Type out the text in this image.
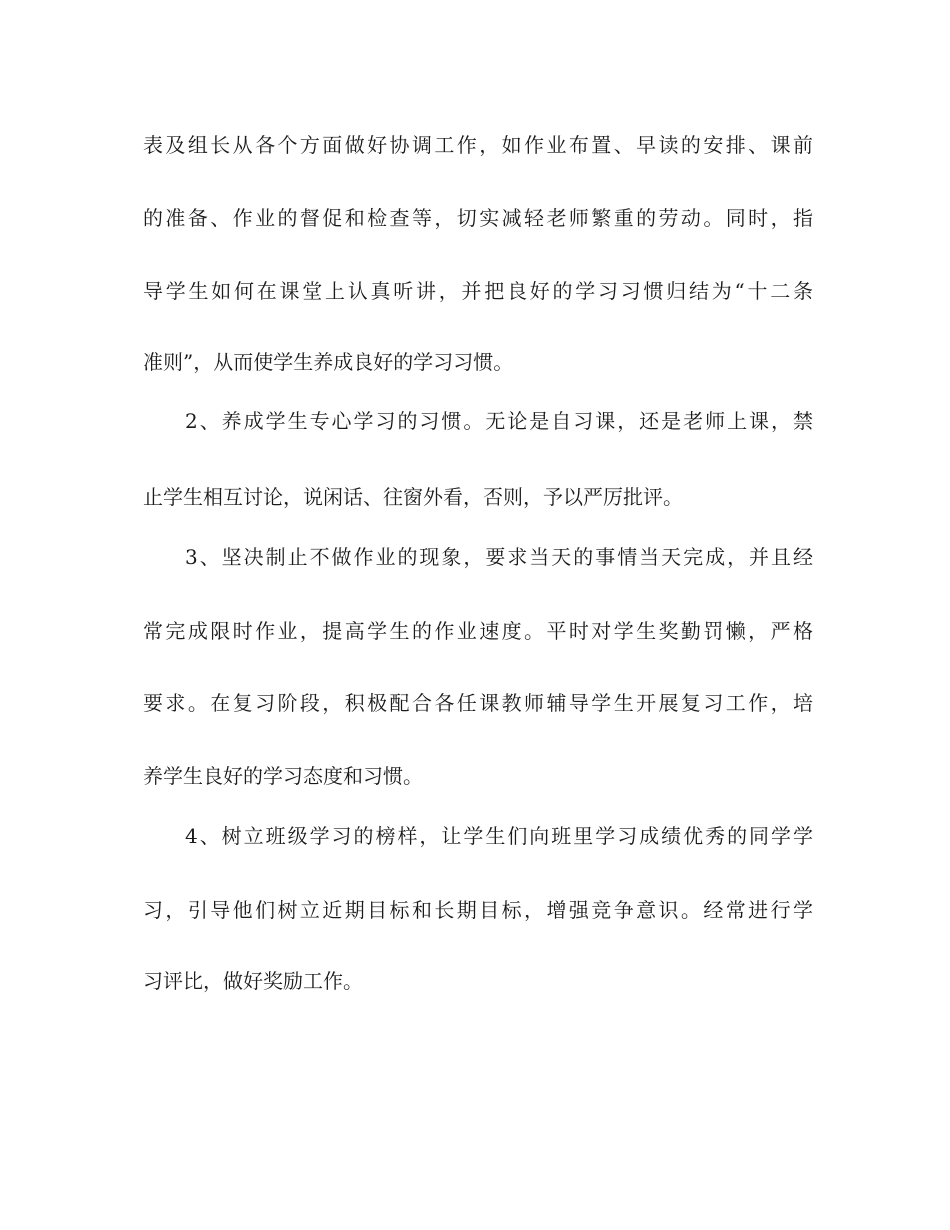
表及组长从各个方面做好协调工作，如作业布置、早读的安排、课前
的准备、作业的督促和检查等，切实减轻老师繁重的劳动。同时，指
导学生如何在课堂上认真听讲，并把良好的学习习惯归结为“十二条
准则”，从而使学生养成良好的学习习惯。
2、养成学生专心学习的习惯。无论是自习课，还是老师上课，禁
止学生相互讨论，说闲话、往窗外看，否则，予以严厉批评。
3、坚决制止不做作业的现象，要求当天的事情当天完成，并且经
常完成限时作业，提高学生的作业速度。平时对学生奖勤罚懒，严格
要求。在复习阶段，积极配合各任课教师辅导学生开展复习工作，培
养学生良好的学习态度和习惯。
4、树立班级学习的榜样，让学生们向班里学习成绩优秀的同学学
习，引导他们树立近期目标和长期目标，增强竞争意识。经常进行学
习评比，做好奖励工作。
